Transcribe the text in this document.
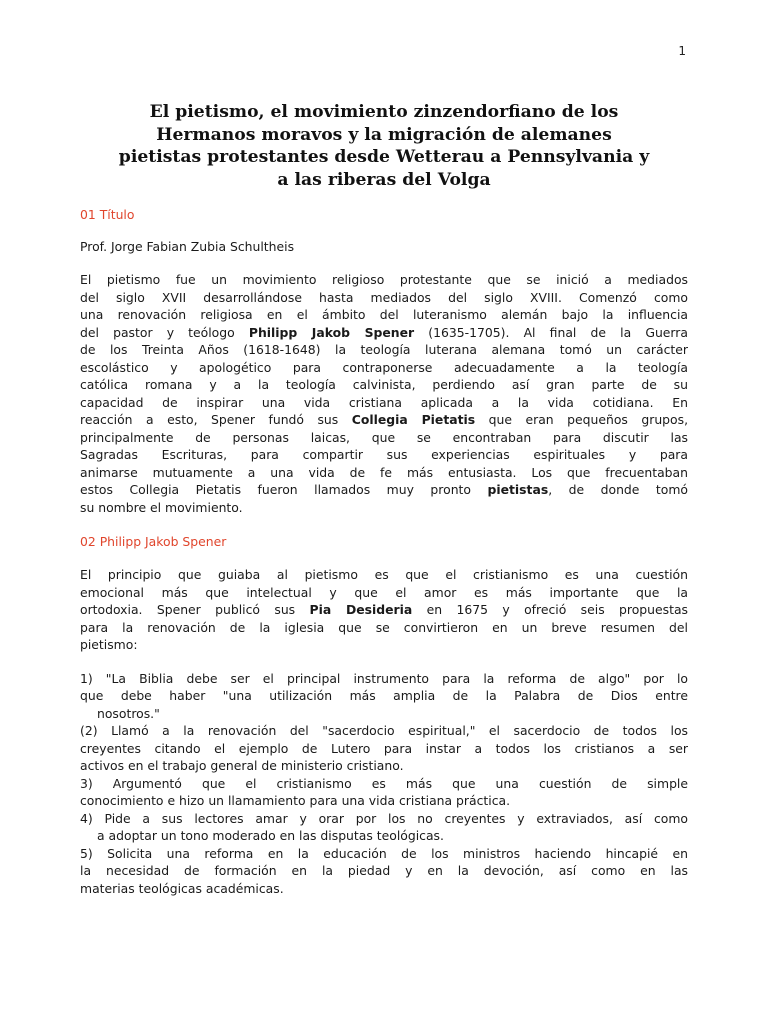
1
El pietismo, el movimiento zinzendorfiano de los
Hermanos moravos y la migración de alemanes
pietistas protestantes desde Wetterau a Pennsylvania y
a las riberas del Volga

01 Título

Prof. Jorge Fabian Zubia Schultheis

El pietismo fue un movimiento religioso protestante que se inició a mediados
del siglo XVII desarrollándose hasta mediados del siglo XVIII. Comenzó como
una renovación religiosa en el ámbito del luteranismo alemán bajo la influencia
del pastor y teólogo Philipp Jakob Spener (1635-1705). Al final de la Guerra
de los Treinta Años (1618-1648) la teología luterana alemana tomó un carácter
escolástico y apologético para contraponerse adecuadamente a la teología
católica romana y a la teología calvinista, perdiendo así gran parte de su
capacidad de inspirar una vida cristiana aplicada a la vida cotidiana. En
reacción a esto, Spener fundó sus Collegia Pietatis que eran pequeños grupos,
principalmente de personas laicas, que se encontraban para discutir las
Sagradas Escrituras, para compartir sus experiencias espirituales y para
animarse mutuamente a una vida de fe más entusiasta. Los que frecuentaban
estos Collegia Pietatis fueron llamados muy pronto pietistas, de donde tomó
su nombre el movimiento.

02 Philipp Jakob Spener

El principio que guiaba al pietismo es que el cristianismo es una cuestión
emocional más que intelectual y que el amor es más importante que la
ortodoxia. Spener publicó sus Pia Desideria en 1675 y ofreció seis propuestas
para la renovación de la iglesia que se convirtieron en un breve resumen del
pietismo:
1) "La Biblia debe ser el principal instrumento para la reforma de algo" por lo
que debe haber "una utilización más amplia de la Palabra de Dios entre
nosotros."
(2) Llamó a la renovación del "sacerdocio espiritual," el sacerdocio de todos los
creyentes citando el ejemplo de Lutero para instar a todos los cristianos a ser
activos en el trabajo general de ministerio cristiano.
3) Argumentó que el cristianismo es más que una cuestión de simple
conocimiento e hizo un llamamiento para una vida cristiana práctica.
4) Pide a sus lectores amar y orar por los no creyentes y extraviados, así como
a adoptar un tono moderado en las disputas teológicas.
5) Solicita una reforma en la educación de los ministros haciendo hincapié en
la necesidad de formación en la piedad y en la devoción, así como en las
materias teológicas académicas.
